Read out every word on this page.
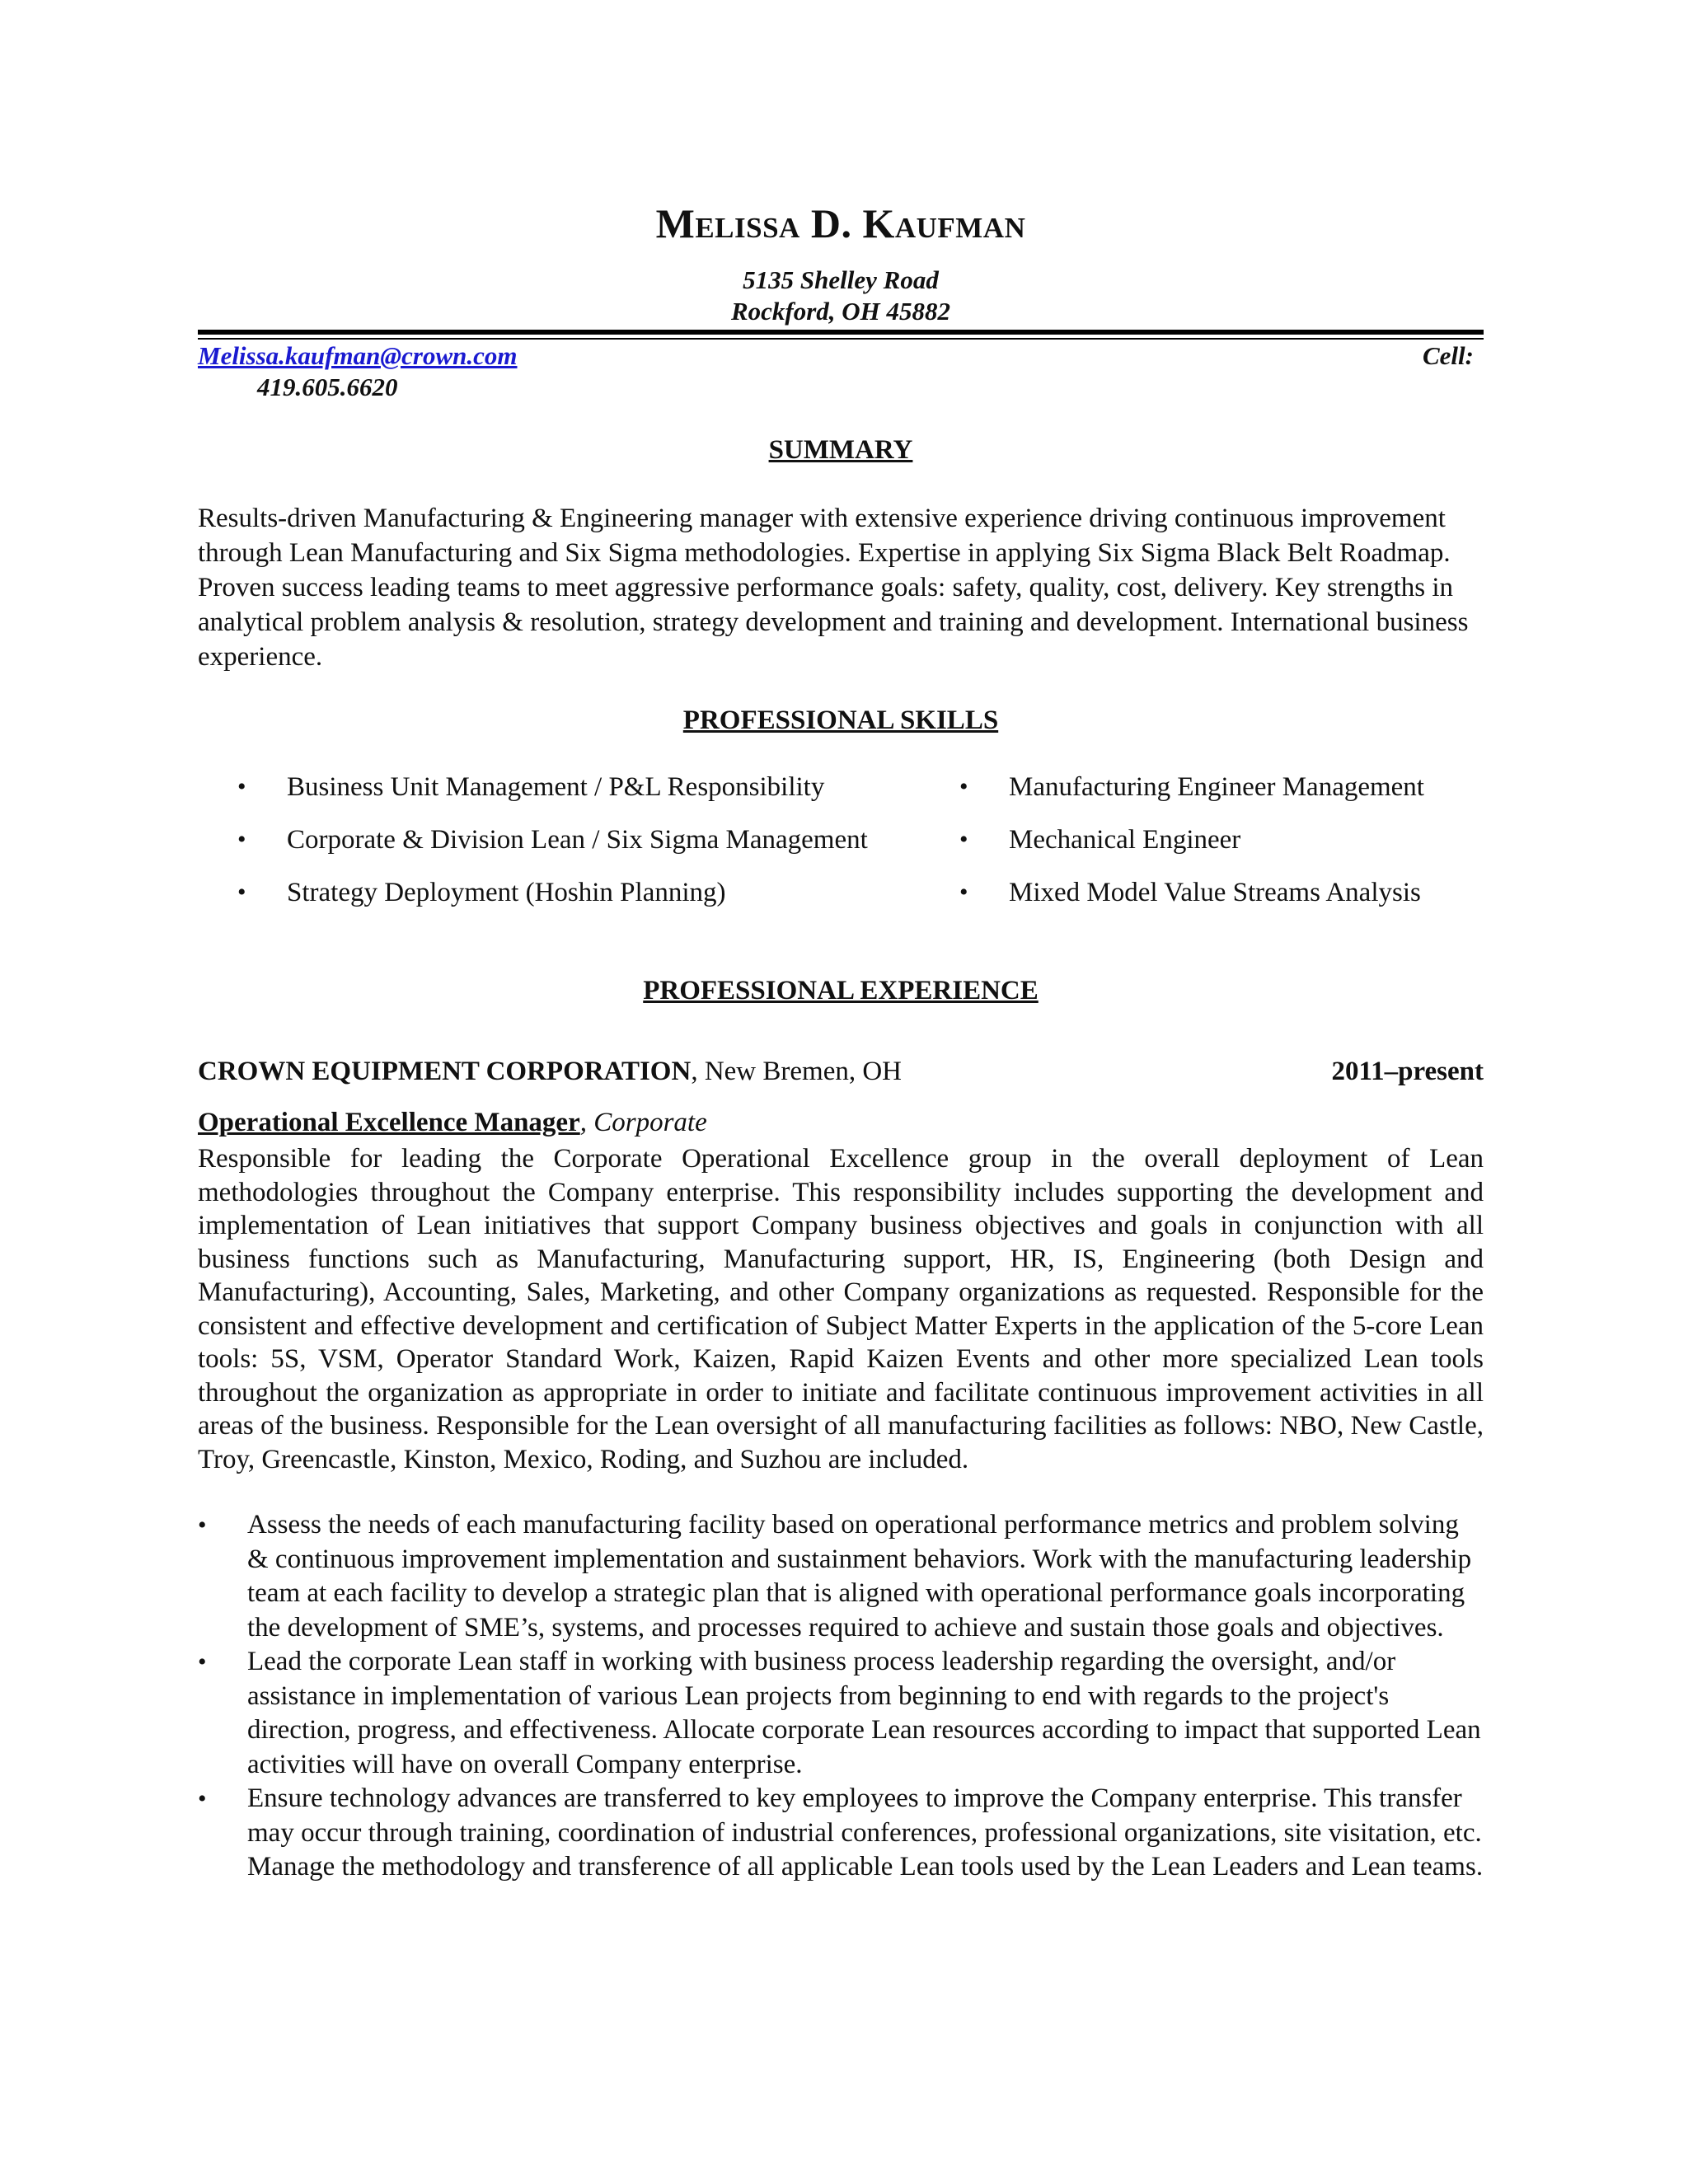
Melissa D. Kaufman
5135 Shelley Road
Rockford, OH 45882
Melissa.kaufman@crown.com	Cell:
419.605.6620
SUMMARY
Results-driven Manufacturing & Engineering manager with extensive experience driving continuous improvement through Lean Manufacturing and Six Sigma methodologies. Expertise in applying Six Sigma Black Belt Roadmap. Proven success leading teams to meet aggressive performance goals: safety, quality, cost, delivery. Key strengths in analytical problem analysis & resolution, strategy development and training and development. International business experience.
PROFESSIONAL SKILLS
• Business Unit Management / P&L Responsibility
• Corporate & Division Lean / Six Sigma Management
• Strategy Deployment (Hoshin Planning)
• Manufacturing Engineer Management
• Mechanical Engineer
• Mixed Model Value Streams Analysis
PROFESSIONAL EXPERIENCE
CROWN EQUIPMENT CORPORATION, New Bremen, OH	2011–present
Operational Excellence Manager, Corporate
Responsible for leading the Corporate Operational Excellence group in the overall deployment of Lean methodologies throughout the Company enterprise. This responsibility includes supporting the development and implementation of Lean initiatives that support Company business objectives and goals in conjunction with all business functions such as Manufacturing, Manufacturing support, HR, IS, Engineering (both Design and Manufacturing), Accounting, Sales, Marketing, and other Company organizations as requested. Responsible for the consistent and effective development and certification of Subject Matter Experts in the application of the 5-core Lean tools: 5S, VSM, Operator Standard Work, Kaizen, Rapid Kaizen Events and other more specialized Lean tools throughout the organization as appropriate in order to initiate and facilitate continuous improvement activities in all areas of the business. Responsible for the Lean oversight of all manufacturing facilities as follows: NBO, New Castle, Troy, Greencastle, Kinston, Mexico, Roding, and Suzhou are included.
• Assess the needs of each manufacturing facility based on operational performance metrics and problem solving & continuous improvement implementation and sustainment behaviors. Work with the manufacturing leadership team at each facility to develop a strategic plan that is aligned with operational performance goals incorporating the development of SME’s, systems, and processes required to achieve and sustain those goals and objectives.
• Lead the corporate Lean staff in working with business process leadership regarding the oversight, and/or assistance in implementation of various Lean projects from beginning to end with regards to the project's direction, progress, and effectiveness. Allocate corporate Lean resources according to impact that supported Lean activities will have on overall Company enterprise.
• Ensure technology advances are transferred to key employees to improve the Company enterprise. This transfer may occur through training, coordination of industrial conferences, professional organizations, site visitation, etc. Manage the methodology and transference of all applicable Lean tools used by the Lean Leaders and Lean teams.
